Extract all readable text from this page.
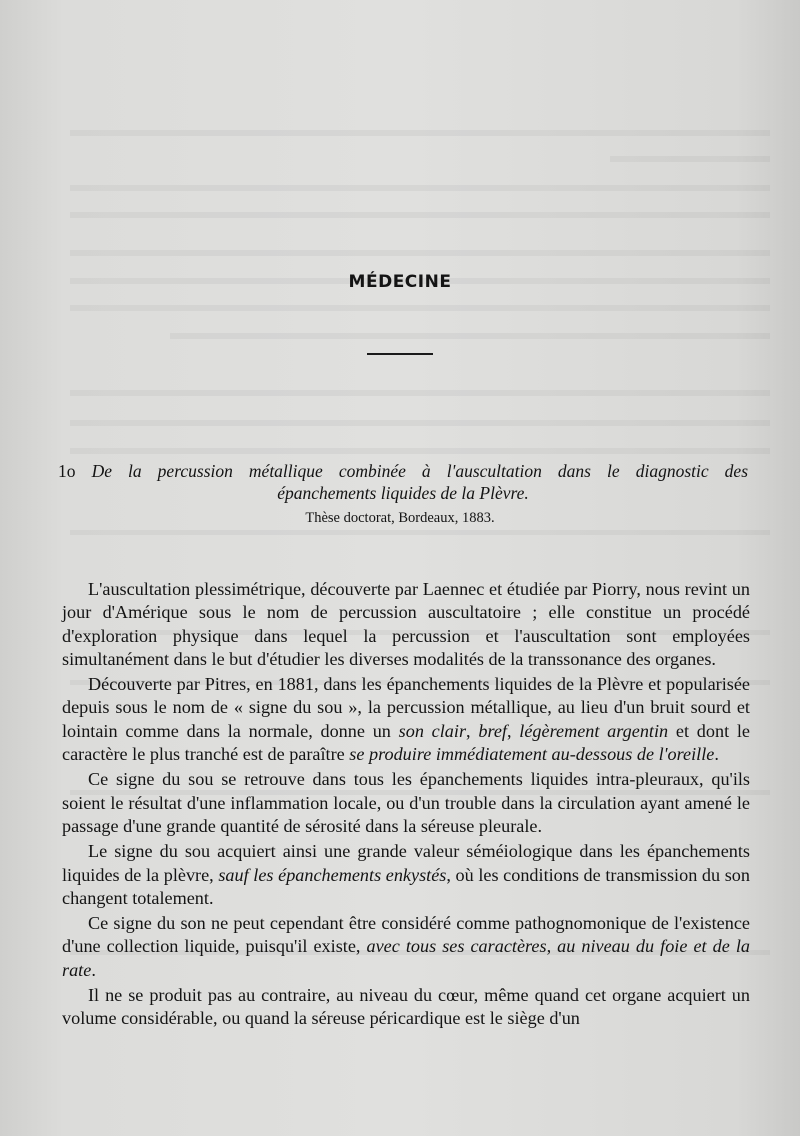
MÉDECINE
1o De la percussion métallique combinée à l'auscultation dans le diagnostic des
épanchements liquides de la Plèvre.
Thèse doctorat, Bordeaux, 1883.

L'auscultation plessimétrique, découverte par Laennec et étudiée par Piorry, nous revint un jour d'Amérique sous le nom de percussion auscultatoire ; elle constitue un procédé d'exploration physique dans lequel la percussion et l'auscultation sont employées simultanément dans le but d'étudier les diverses modalités de la transsonance des organes.

Découverte par Pitres, en 1881, dans les épanchements liquides de la Plèvre et popularisée depuis sous le nom de « signe du sou », la percussion métallique, au lieu d'un bruit sourd et lointain comme dans la normale, donne un son clair, bref, légèrement argentin et dont le caractère le plus tranché est de paraître se produire immédiatement au-dessous de l'oreille.

Ce signe du sou se retrouve dans tous les épanchements liquides intra-pleuraux, qu'ils soient le résultat d'une inflammation locale, ou d'un trouble dans la circulation ayant amené le passage d'une grande quantité de sérosité dans la séreuse pleurale.

Le signe du sou acquiert ainsi une grande valeur séméiologique dans les épanchements liquides de la plèvre, sauf les épanchements enkystés, où les conditions de transmission du son changent totalement.

Ce signe du son ne peut cependant être considéré comme pathognomonique de l'existence d'une collection liquide, puisqu'il existe, avec tous ses caractères, au niveau du foie et de la rate.

Il ne se produit pas au contraire, au niveau du cœur, même quand cet organe acquiert un volume considérable, ou quand la séreuse péricardique est le siège d'un
